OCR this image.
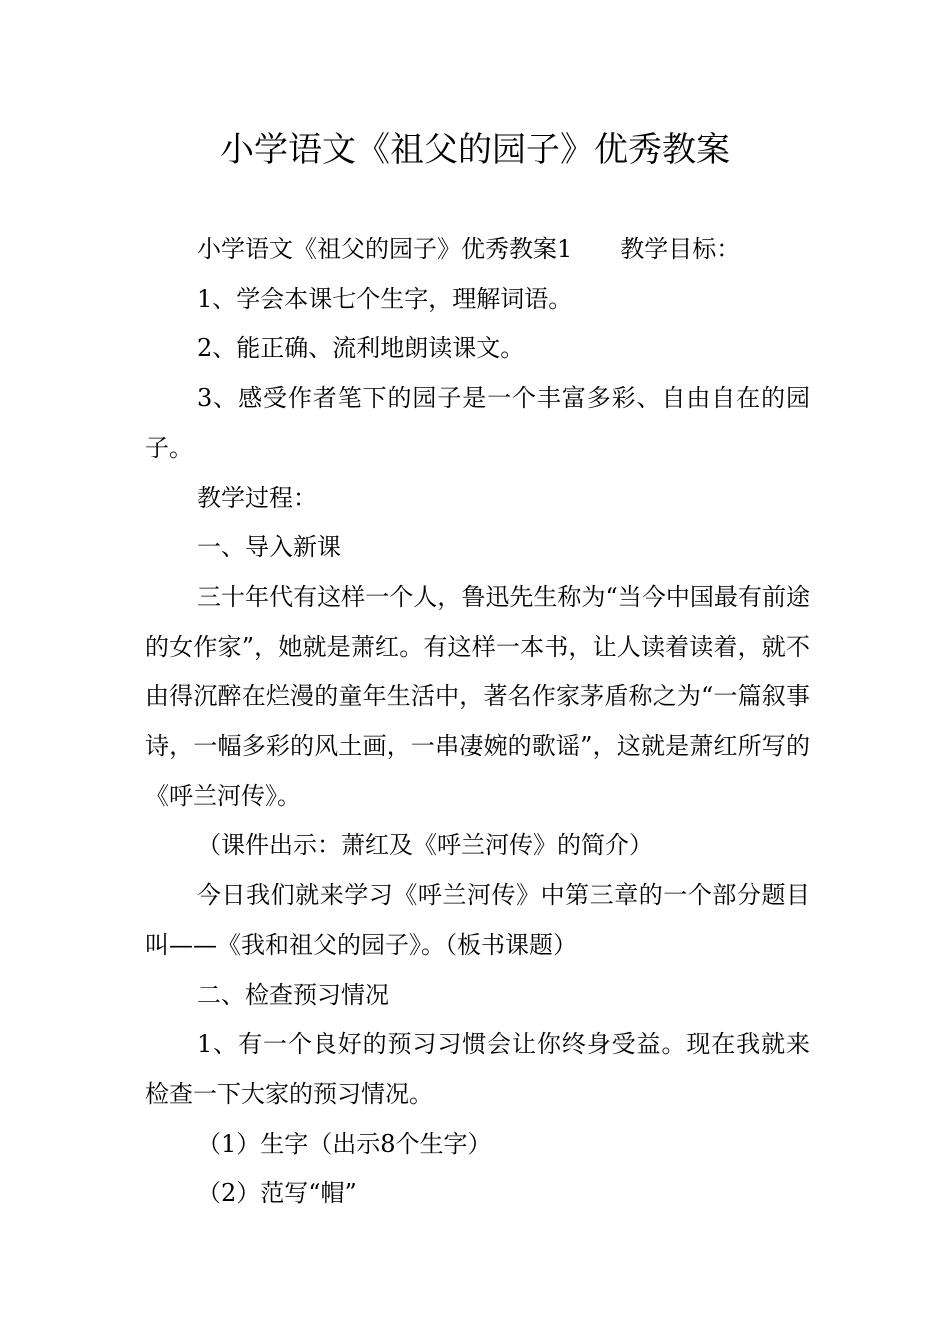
小学语文《祖父的园子》优秀教案

小学语文《祖父的园子》优秀教案1 教学目标：

1、学会本课七个生字，理解词语。

2、能正确、流利地朗读课文。

3、感受作者笔下的园子是一个丰富多彩、自由自在的园子。

教学过程：

一、导入新课

三十年代有这样一个人，鲁迅先生称为“当今中国最有前途的女作家”，她就是萧红。有这样一本书，让人读着读着，就不由得沉醉在烂漫的童年生活中，著名作家茅盾称之为“一篇叙事诗，一幅多彩的风土画，一串凄婉的歌谣”，这就是萧红所写的《呼兰河传》。

（课件出示：萧红及《呼兰河传》的简介）

今日我们就来学习《呼兰河传》中第三章的一个部分题目叫——《我和祖父的园子》。（板书课题）

二、检查预习情况

1、有一个良好的预习习惯会让你终身受益。现在我就来检查一下大家的预习情况。

（1）生字（出示8个生字）

（2）范写“帽”
